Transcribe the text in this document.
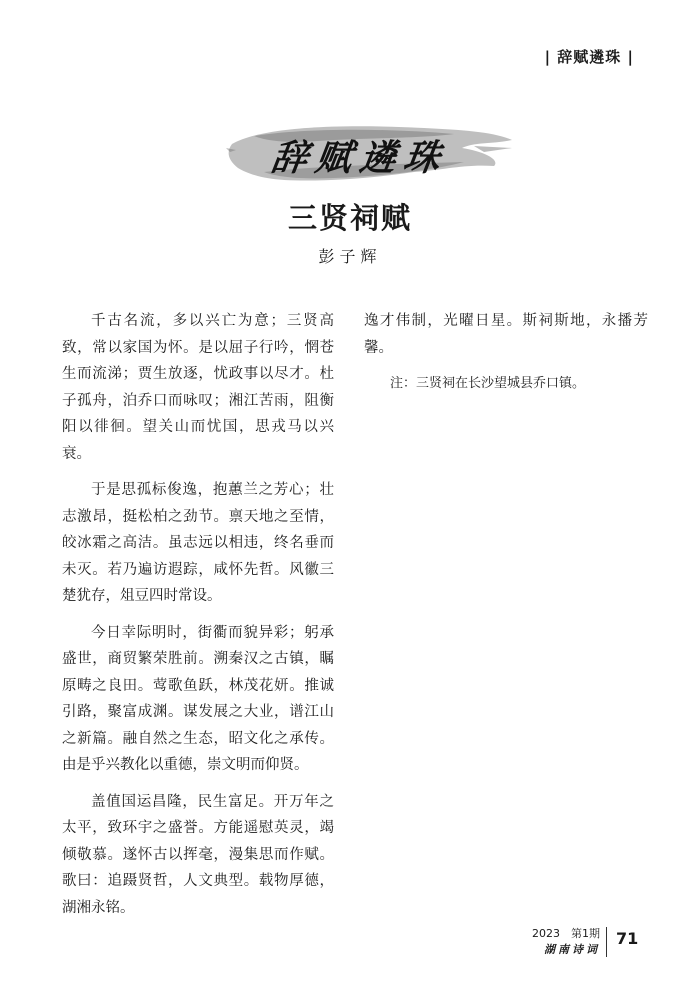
| 辞赋遴珠 |
辞赋遴珠
三贤祠赋
彭子辉

千古名流，多以兴亡为意；三贤高致，常以家国为怀。是以屈子行吟，惘苍生而流涕；贾生放逐，忧政事以尽才。杜子孤舟，泊乔口而咏叹；湘江苦雨，阻衡阳以徘徊。望关山而忧国，思戎马以兴衰。

于是思孤标俊逸，抱蕙兰之芳心；壮志激昂，挺松柏之劲节。禀天地之至情，皎冰霜之高洁。虽志远以相违，终名垂而未灭。若乃遍访遐踪，咸怀先哲。风徽三楚犹存，俎豆四时常设。

今日幸际明时，街衢而貌异彩；躬承盛世，商贸繁荣胜前。溯秦汉之古镇，瞩原畴之良田。莺歌鱼跃，林茂花妍。推诚引路，聚富成渊。谋发展之大业，谱江山之新篇。融自然之生态，昭文化之承传。由是乎兴教化以重德，崇文明而仰贤。

盖值国运昌隆，民生富足。开万年之太平，致环宇之盛誉。方能遥慰英灵，竭倾敬慕。遂怀古以挥毫，漫集思而作赋。歌曰：追蹑贤哲，人文典型。载物厚德，湖湘永铭。

逸才伟制，光曜日星。斯祠斯地，永播芳馨。

注：三贤祠在长沙望城县乔口镇。

2023　第1期
湖南诗词
71
